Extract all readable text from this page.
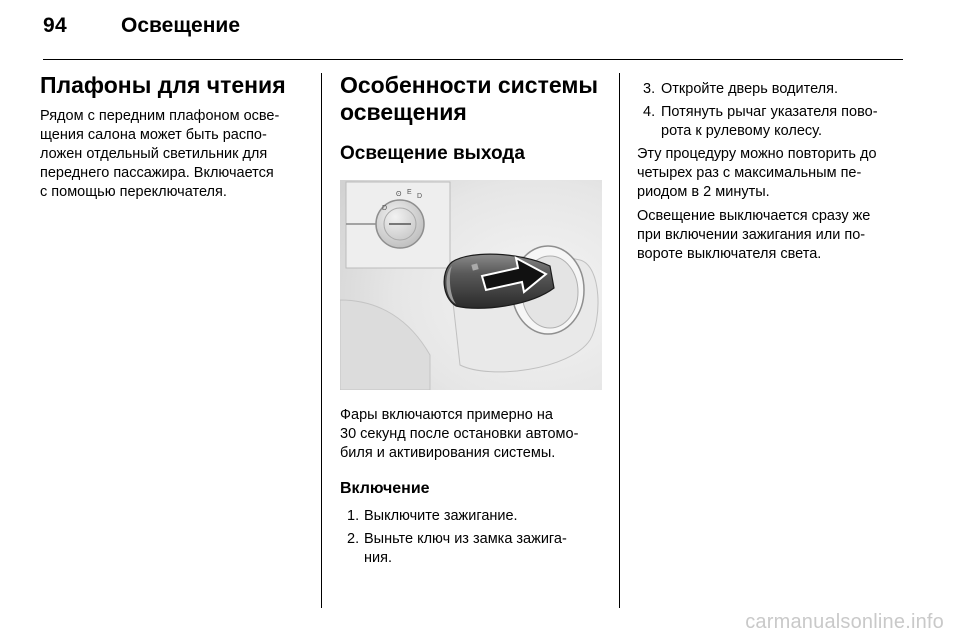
94	Освещение
Плафоны для чтения

Рядом с передним плафоном осве-
щения салона может быть распо-
ложен отдельный светильник для
переднего пассажира. Включается
с помощью переключателя.

Особенности системы
освещения
Освещение выхода
D
ʘ E
D

Фары включаются примерно на
30 секунд после остановки автомо-
биля и активирования системы.

Включение
1. Выключите зажигание.
2. Выньте ключ из замка зажига-
ния.
3. Откройте дверь водителя.
4. Потянуть рычаг указателя пово-
рота к рулевому колесу.

Эту процедуру можно повторить до
четырех раз с максимальным пе-
риодом в 2 минуты.

Освещение выключается сразу же
при включении зажигания или по-
вороте выключателя света.

carmanualsonline.info
